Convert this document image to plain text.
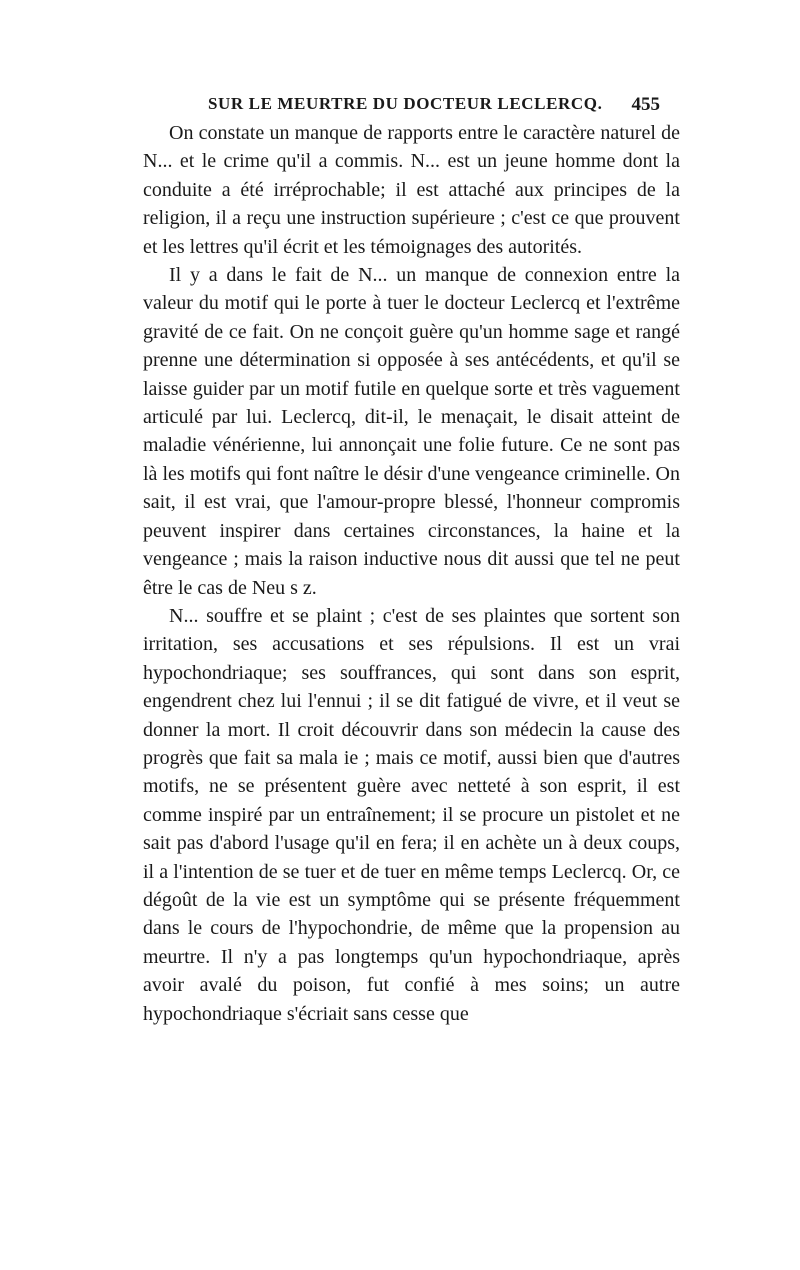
SUR LE MEURTRE DU DOCTEUR LECLERCQ. 455

On constate un manque de rapports entre le caractère naturel de N... et le crime qu'il a commis. N... est un jeune homme dont la conduite a été irréprochable; il est attaché aux principes de la religion, il a reçu une instruction supérieure ; c'est ce que prouvent et les lettres qu'il écrit et les témoignages des autorités.

Il y a dans le fait de N... un manque de connexion entre la valeur du motif qui le porte à tuer le docteur Leclercq et l'extrême gravité de ce fait. On ne conçoit guère qu'un homme sage et rangé prenne une détermination si opposée à ses antécédents, et qu'il se laisse guider par un motif futile en quelque sorte et très vaguement articulé par lui. Leclercq, dit-il, le menaçait, le disait atteint de maladie vénérienne, lui annonçait une folie future. Ce ne sont pas là les motifs qui font naître le désir d'une vengeance criminelle. On sait, il est vrai, que l'amour-propre blessé, l'honneur compromis peuvent inspirer dans certaines circonstances, la haine et la vengeance ; mais la raison inductive nous dit aussi que tel ne peut être le cas de Neu s z.

N... souffre et se plaint ; c'est de ses plaintes que sortent son irritation, ses accusations et ses répulsions. Il est un vrai hypochondriaque; ses souffrances, qui sont dans son esprit, engendrent chez lui l'ennui ; il se dit fatigué de vivre, et il veut se donner la mort. Il croit découvrir dans son médecin la cause des progrès que fait sa mala ie ; mais ce motif, aussi bien que d'autres motifs, ne se présentent guère avec netteté à son esprit, il est comme inspiré par un entraînement; il se procure un pistolet et ne sait pas d'abord l'usage qu'il en fera; il en achète un à deux coups, il a l'intention de se tuer et de tuer en même temps Leclercq. Or, ce dégoût de la vie est un symptôme qui se présente fréquemment dans le cours de l'hypochondrie, de même que la propension au meurtre. Il n'y a pas longtemps qu'un hypochondriaque, après avoir avalé du poison, fut confié à mes soins; un autre hypochondriaque s'écriait sans cesse que
